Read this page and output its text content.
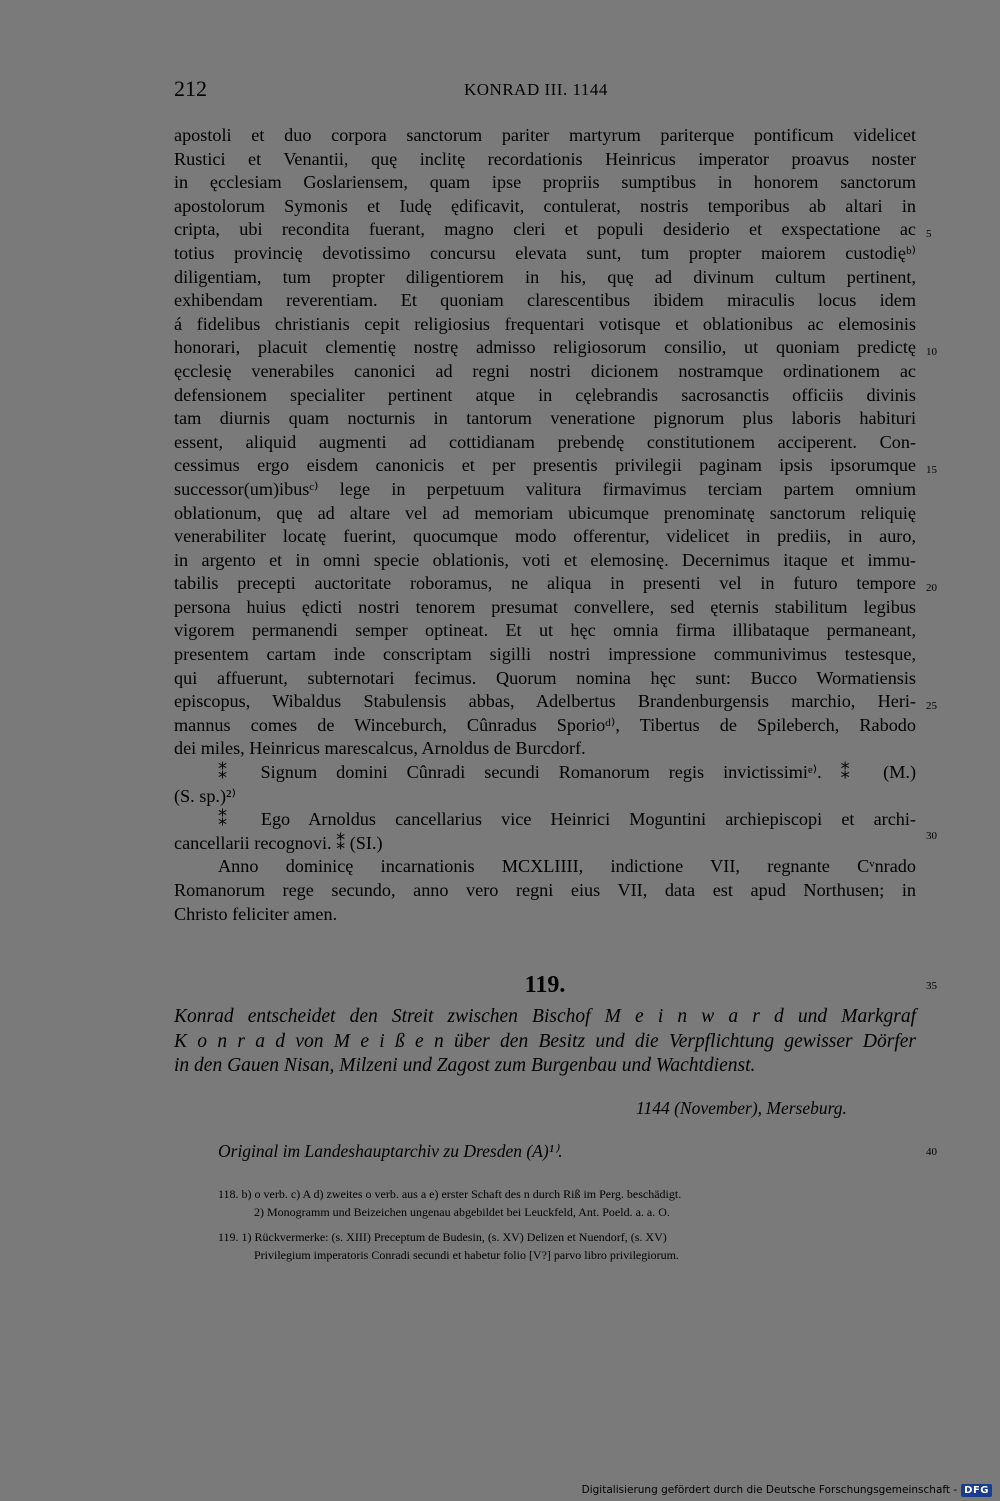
212	KONRAD III. 1144
apostoli et duo corpora sanctorum pariter martyrum pariterque pontificum videlicet
Rustici et Venantii, quę inclitę recordationis Heinricus imperator proavus noster
in ęcclesiam Goslariensem, quam ipse propriis sumptibus in honorem sanctorum
apostolorum Symonis et Iudę ędificavit, contulerat, nostris temporibus ab altari in
cripta, ubi recondita fuerant, magno cleri et populi desiderio et exspectatione ac
totius provincię devotissimo concursu elevata sunt, tum propter maiorem custodięᵇ⁾
diligentiam, tum propter diligentiorem in his, quę ad divinum cultum pertinent,
exhibendam reverentiam. Et quoniam clarescentibus ibidem miraculis locus idem
á fidelibus christianis cepit religiosius frequentari votisque et oblationibus ac elemosinis
honorari, placuit clementię nostrę admisso religiosorum consilio, ut quoniam predictę
ęcclesię venerabiles canonici ad regni nostri dicionem nostramque ordinationem ac
defensionem specialiter pertinent atque in cęlebrandis sacrosanctis officiis divinis
tam diurnis quam nocturnis in tantorum veneratione pignorum plus laboris habituri
essent, aliquid augmenti ad cottidianam prebendę constitutionem acciperent. Con-
cessimus ergo eisdem canonicis et per presentis privilegii paginam ipsis ipsorumque
successor(um)ibusᶜ⁾ lege in perpetuum valitura firmavimus terciam partem omnium
oblationum, quę ad altare vel ad memoriam ubicumque prenominatę sanctorum reliquię
venerabiliter locatę fuerint, quocumque modo offerentur, videlicet in prediis, in auro,
in argento et in omni specie oblationis, voti et elemosinę. Decernimus itaque et immu-
tabilis precepti auctoritate roboramus, ne aliqua in presenti vel in futuro tempore
persona huius ędicti nostri tenorem presumat convellere, sed ęternis stabilitum legibus
vigorem permanendi semper optineat. Et ut hęc omnia firma illibataque permaneant,
presentem cartam inde conscriptam sigilli nostri impressione communivimus testesque,
qui affuerunt, subternotari fecimus. Quorum nomina hęc sunt: Bucco Wormatiensis
episcopus, Wibaldus Stabulensis abbas, Adelbertus Brandenburgensis marchio, Heri-
mannus comes de Winceburch, Cûnradus Sporioᵈ⁾, Tibertus de Spileberch, Rabodo
dei miles, Heinricus marescalcus, Arnoldus de Burcdorf.
⁑ Signum domini Cûnradi secundi Romanorum regis invictissimiᵉ⁾. ⁑ (M.)
(S. sp.)²⁾
⁑ Ego Arnoldus cancellarius vice Heinrici Moguntini archiepiscopi et archi-
cancellarii recognovi. ⁑ (SI.)
Anno dominicę incarnationis MCXLIIII, indictione VII, regnante Cᵛnrado
Romanorum rege secundo, anno vero regni eius VII, data est apud Northusen; in
Christo feliciter amen.
5
10
15
20
25
30
35
40
119.
Konrad entscheidet den Streit zwischen Bischof M e i n w a r d und Markgraf
K o n r a d von M e i ß e n über den Besitz und die Verpflichtung gewisser Dörfer
in den Gauen Nisan, Milzeni und Zagost zum Burgenbau und Wachtdienst.
1144 (November), Merseburg.
Original im Landeshauptarchiv zu Dresden (A)¹⁾.
118. b) o verb. c) A d) zweites o verb. aus a e) erster Schaft des n durch Riß im Perg. beschädigt.
2) Monogramm und Beizeichen ungenau abgebildet bei Leuckfeld, Ant. Poeld. a. a. O.
119. 1) Rückvermerke: (s. XIII) Preceptum de Budesin, (s. XV) Delizen et Nuendorf, (s. XV)
Privilegium imperatoris Conradi secundi et habetur folio [V?] parvo libro privilegiorum.
Digitalisierung gefördert durch die Deutsche Forschungsgemeinschaft - DFG
